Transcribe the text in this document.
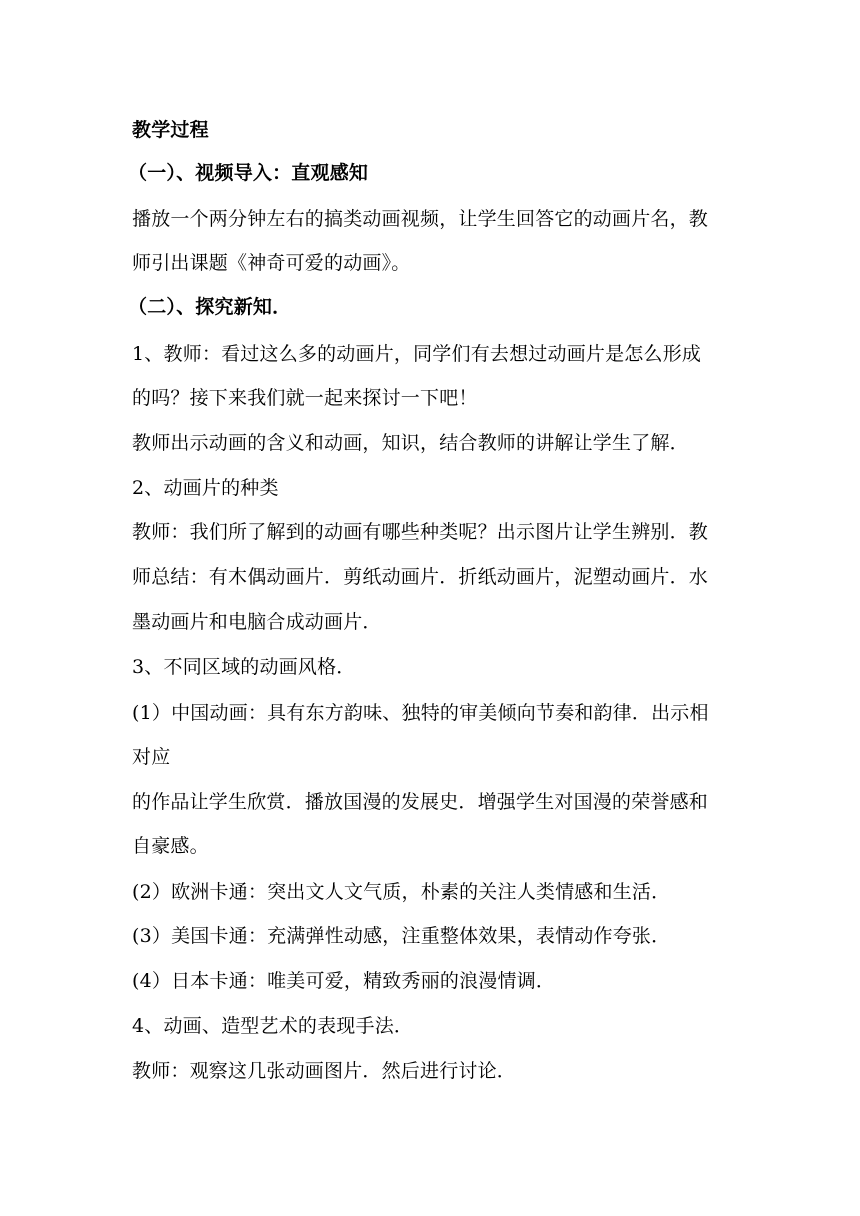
教学过程
（一）、视频导入：直观感知
播放一个两分钟左右的搞类动画视频，让学生回答它的动画片名，教
师引出课题《神奇可爱的动画》。
（二）、探究新知．
1、教师：看过这么多的动画片，同学们有去想过动画片是怎么形成
的吗？接下来我们就一起来探讨一下吧！
教师出示动画的含义和动画，知识，结合教师的讲解让学生了解．
2、动画片的种类
教师：我们所了解到的动画有哪些种类呢？出示图片让学生辨别．教
师总结：有木偶动画片．剪纸动画片．折纸动画片，泥塑动画片．水
墨动画片和电脑合成动画片．
3、不同区域的动画风格．
(1）中国动画：具有东方韵味、独特的审美倾向节奏和韵律．出示相
对应
的作品让学生欣赏．播放国漫的发展史．增强学生对国漫的荣誉感和
自豪感。
(2）欧洲卡通：突出文人文气质，朴素的关注人类情感和生活．
(3）美国卡通：充满弹性动感，注重整体效果，表情动作夸张．
(4）日本卡通：唯美可爱，精致秀丽的浪漫情调．
4、动画、造型艺术的表现手法．
教师：观察这几张动画图片．然后进行讨论．
